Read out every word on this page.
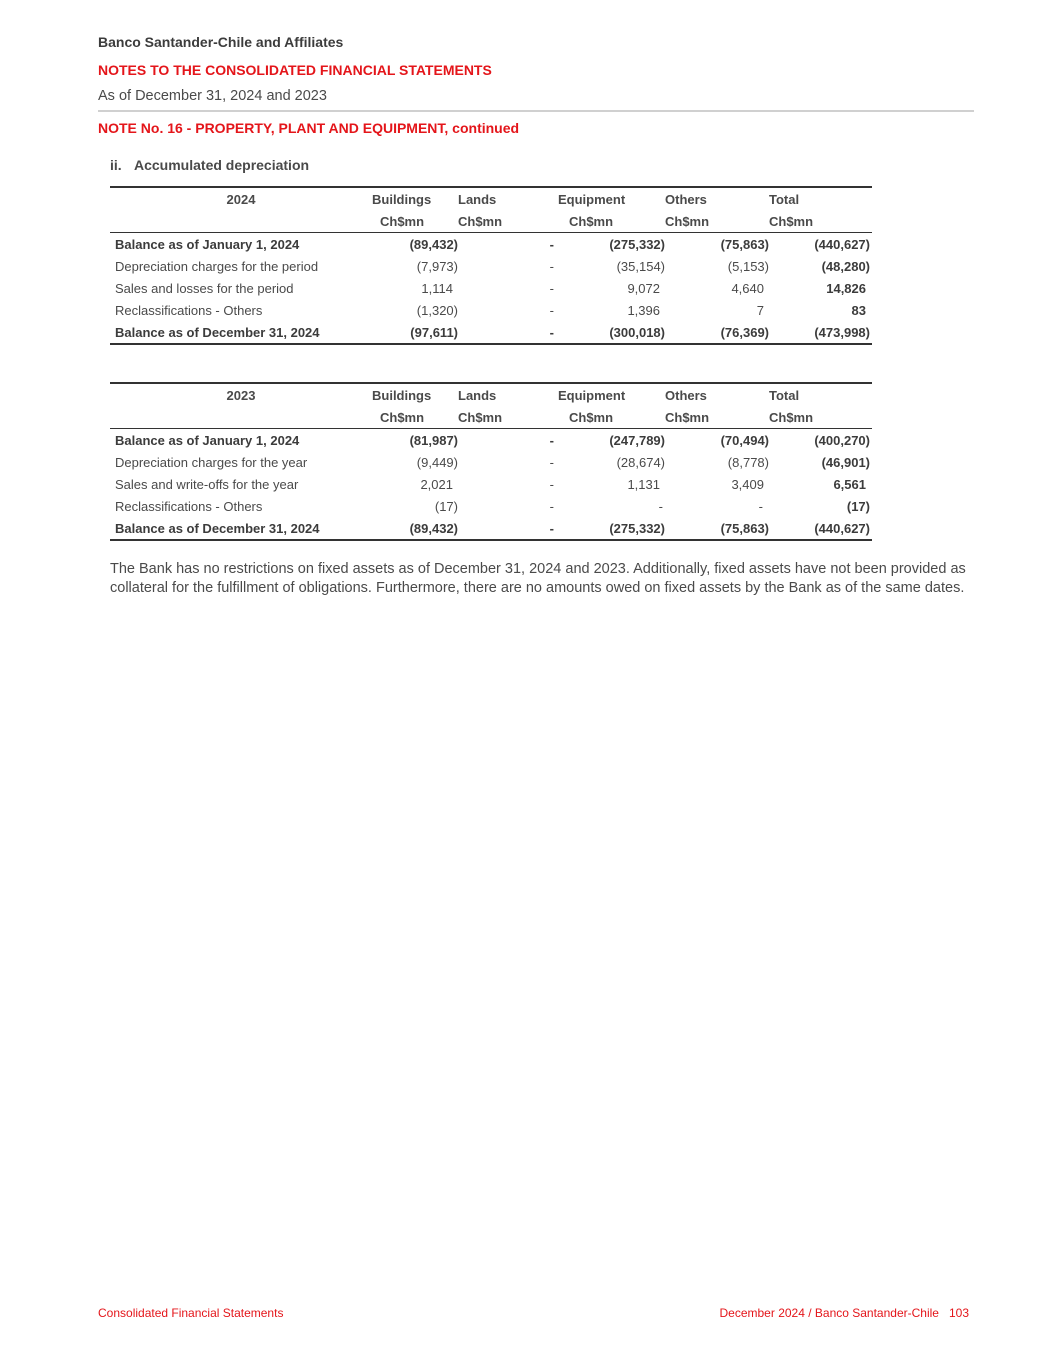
Banco Santander-Chile and Affiliates
NOTES TO THE CONSOLIDATED FINANCIAL STATEMENTS
As of December 31, 2024 and 2023
NOTE No. 16 - PROPERTY, PLANT AND EQUIPMENT, continued
ii. Accumulated depreciation
2024	Buildings	Lands	Equipment	Others	Total
	Ch$mn	Ch$mn	Ch$mn	Ch$mn	Ch$mn
Balance as of January 1, 2024	(89,432)	-	(275,332)	(75,863)	(440,627)
Depreciation charges for the period	(7,973)	-	(35,154)	(5,153)	(48,280)
Sales and losses for the period	1,114	-	9,072	4,640	14,826
Reclassifications - Others	(1,320)	-	1,396	7	83
Balance as of December 31, 2024	(97,611)	-	(300,018)	(76,369)	(473,998)
2023	Buildings	Lands	Equipment	Others	Total
	Ch$mn	Ch$mn	Ch$mn	Ch$mn	Ch$mn
Balance as of January 1, 2024	(81,987)	-	(247,789)	(70,494)	(400,270)
Depreciation charges for the year	(9,449)	-	(28,674)	(8,778)	(46,901)
Sales and write-offs for the year	2,021	-	1,131	3,409	6,561
Reclassifications - Others	(17)	-	-	-	(17)
Balance as of December 31, 2024	(89,432)	-	(275,332)	(75,863)	(440,627)
The Bank has no restrictions on fixed assets as of December 31, 2024 and 2023. Additionally, fixed assets have not been provided as collateral for the fulfillment of obligations. Furthermore, there are no amounts owed on fixed assets by the Bank as of the same dates.
Consolidated Financial Statements	December 2024 / Banco Santander-Chile 103
